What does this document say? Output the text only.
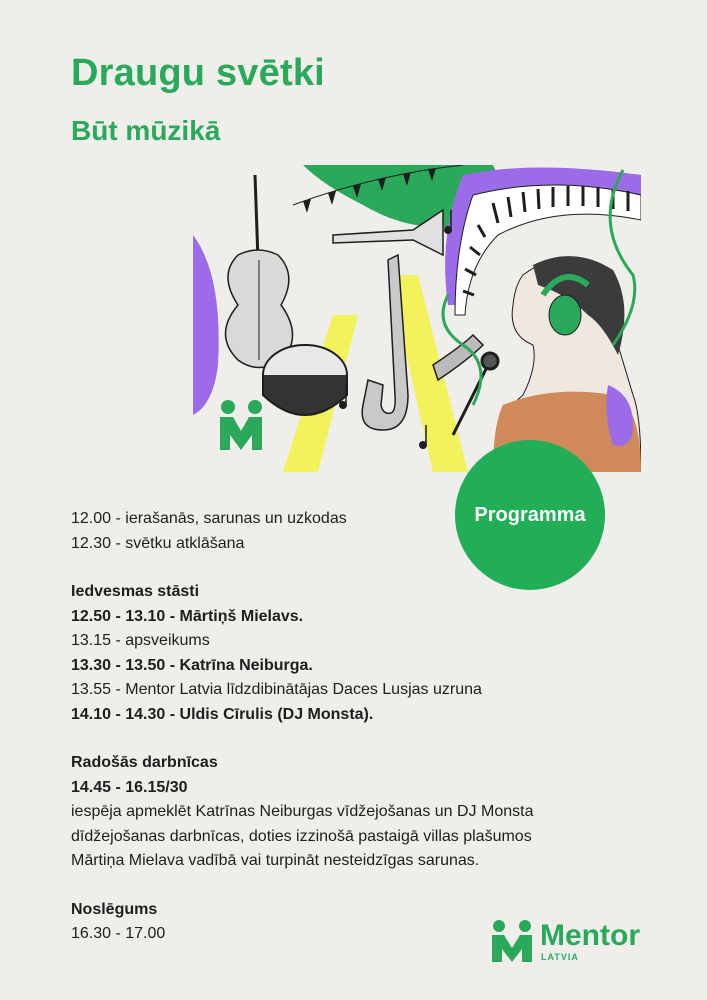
Draugu svētki
Būt mūzikā
Programma
12.00 - ierašanās, sarunas un uzkodas
12.30 - svētku atklāšana
Iedvesmas stāsti
12.50 - 13.10 - Mārtiņš Mielavs.
13.15 - apsveikums
13.30 - 13.50 - Katrīna Neiburga.
13.55 - Mentor Latvia līdzdibinātājas Daces Lusjas uzruna
14.10 - 14.30 - Uldis Cīrulis (DJ Monsta).
Radošās darbnīcas
14.45 - 16.15/30
iespēja apmeklēt Katrīnas Neiburgas vīdžejošanas un DJ Monsta dīdžejošanas darbnīcas, doties izzinošā pastaigā villas plašumos Mārtiņa Mielava vadībā vai turpināt nesteidzīgas sarunas.
Noslēgums
16.30 - 17.00	Mentor
LATVIA
